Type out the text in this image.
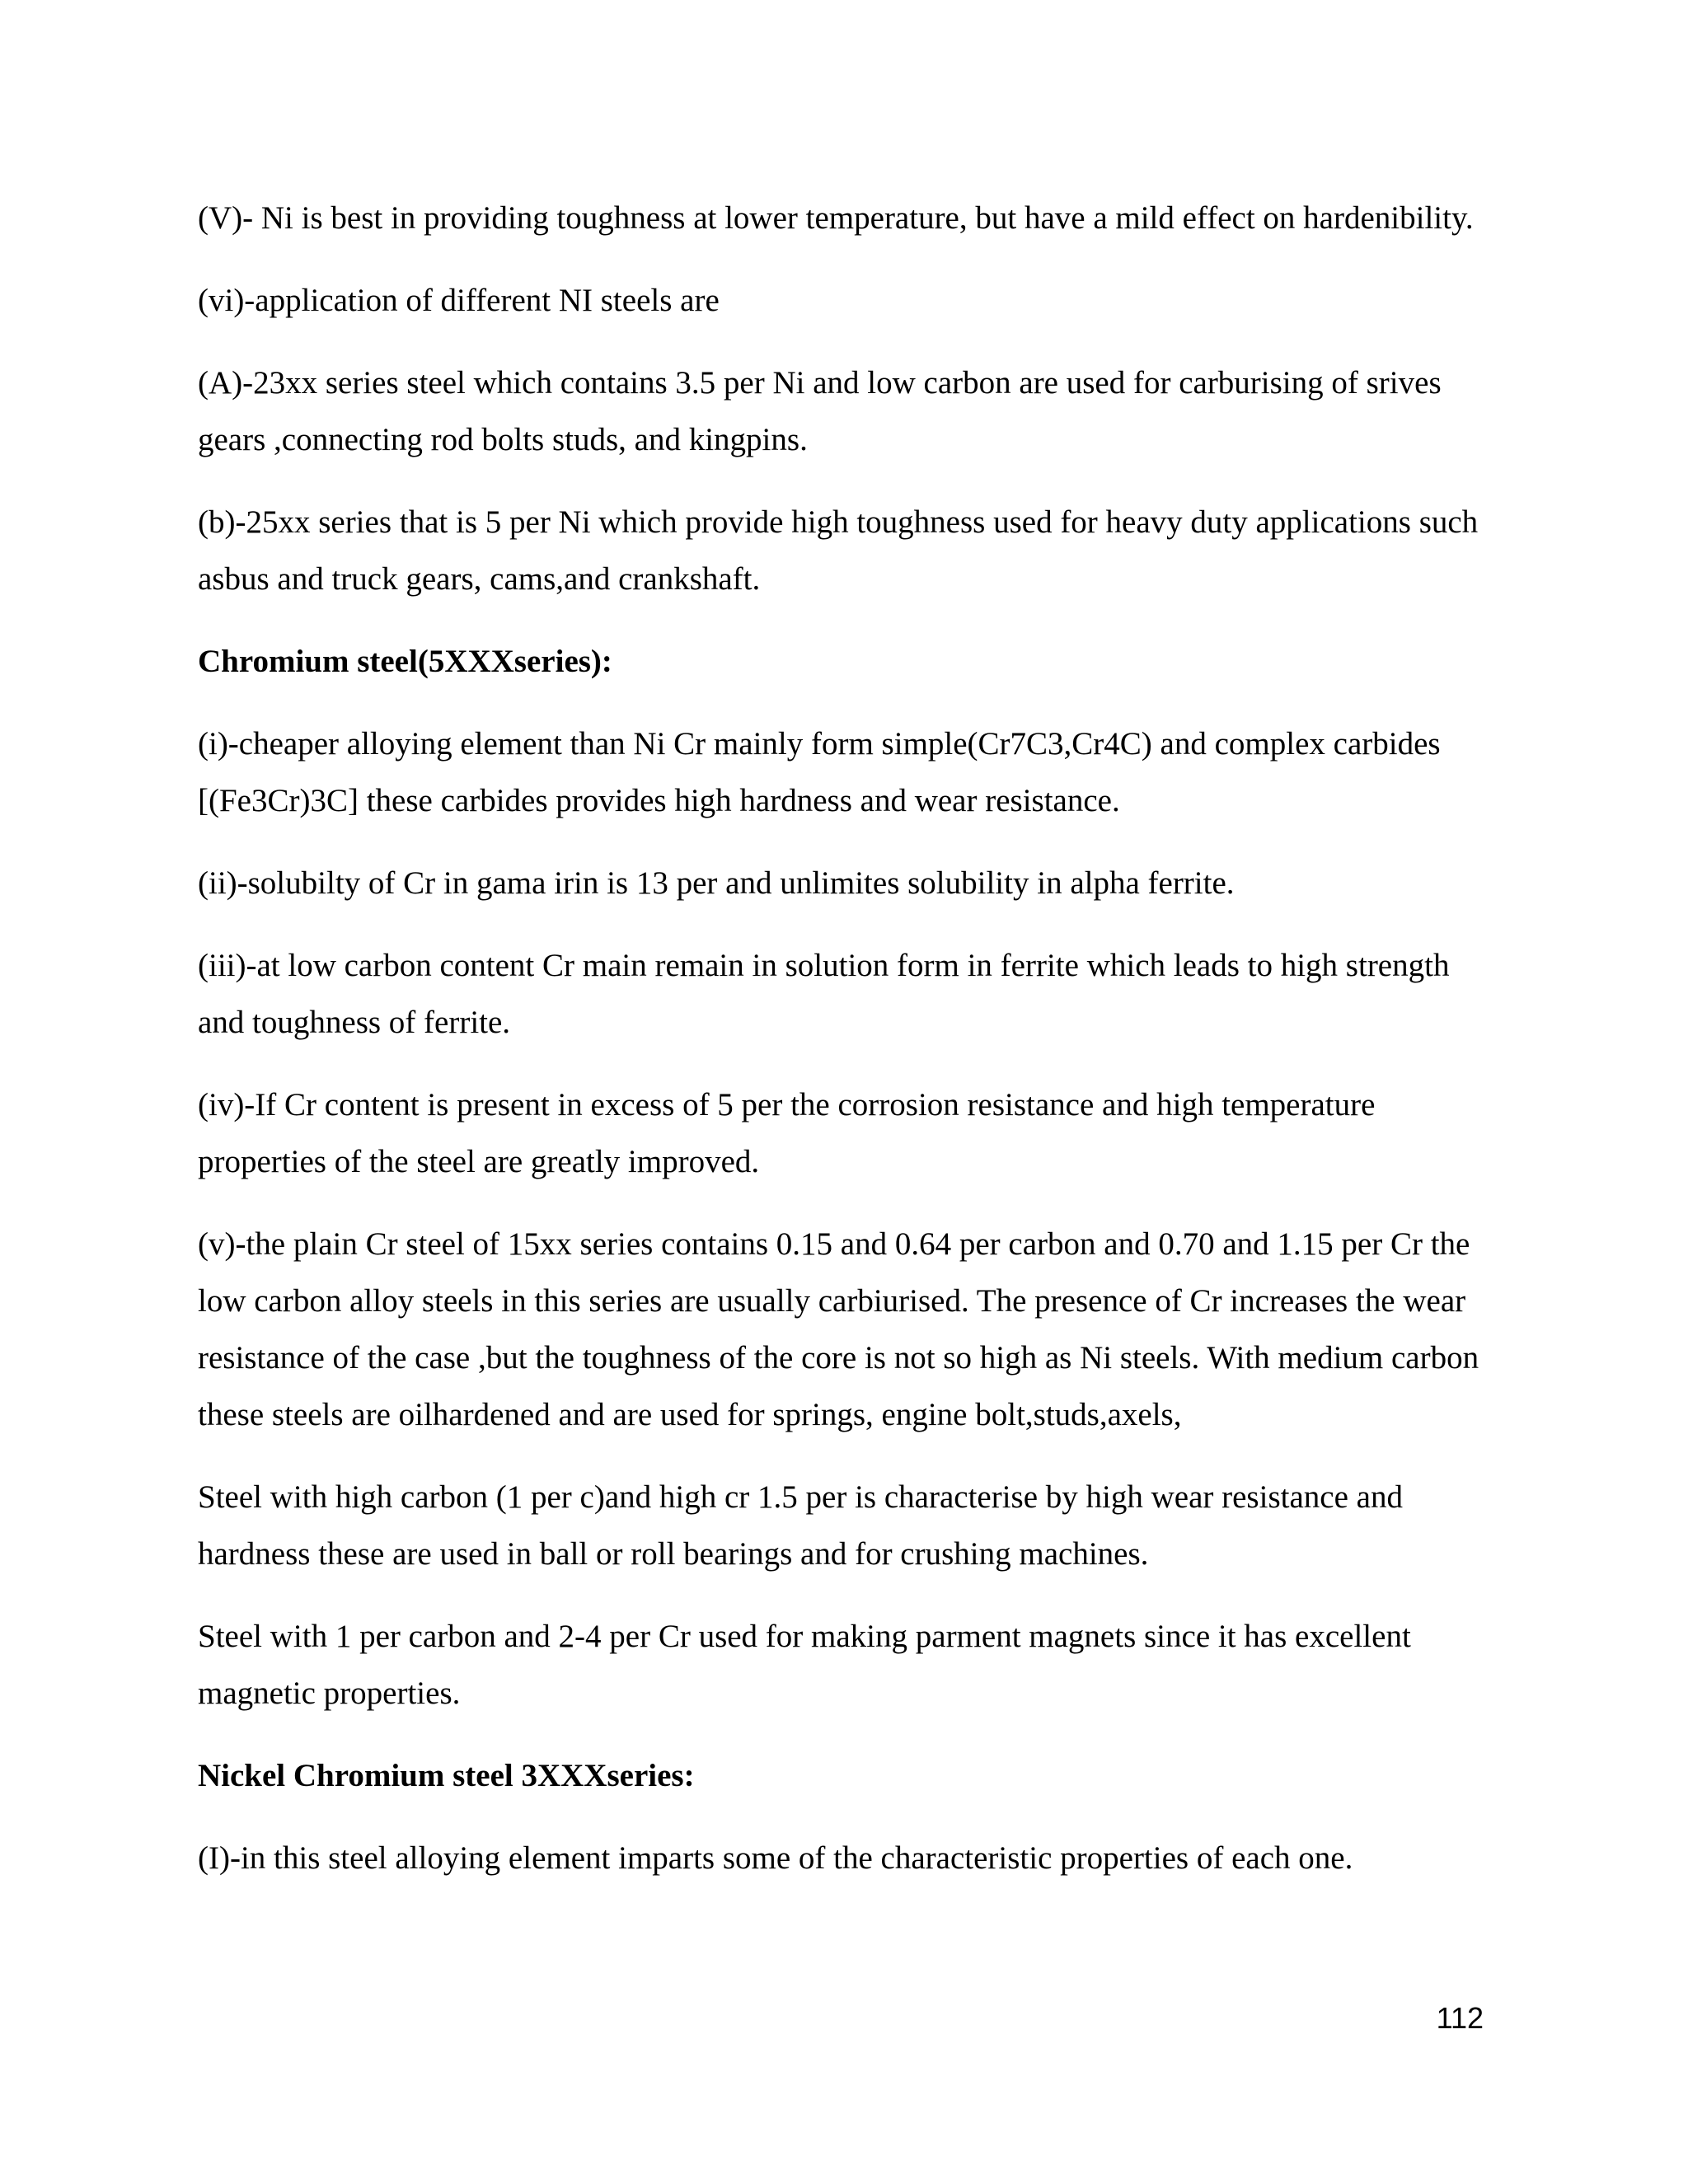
(V)- Ni is best in providing toughness at lower temperature, but have a mild effect on hardenibility.

(vi)-application of different NI steels are

(A)-23xx series steel which contains 3.5 per Ni and low carbon are used for carburising of srives gears ,connecting rod bolts studs, and kingpins.

(b)-25xx series that is 5 per Ni which provide high toughness used for heavy duty applications such asbus and truck gears, cams,and crankshaft.

Chromium steel(5XXXseries):

(i)-cheaper alloying element than Ni Cr mainly form simple(Cr7C3,Cr4C) and complex carbides [(Fe3Cr)3C] these carbides provides high hardness and wear resistance.

(ii)-solubilty of Cr in gama irin is 13 per and unlimites solubility in alpha ferrite.

(iii)-at low carbon content Cr main remain in solution form in ferrite which leads to high strength and toughness of ferrite.

(iv)-If Cr content is present in excess of 5 per the corrosion resistance and high temperature properties of the steel are greatly improved.

(v)-the plain Cr steel of 15xx series contains 0.15 and 0.64 per carbon and 0.70 and 1.15 per Cr the low carbon alloy steels in this series are usually carbiurised. The presence of Cr increases the wear resistance of the case ,but the toughness of the core is not so high as Ni steels. With medium carbon these steels are oilhardened and are used for springs, engine bolt,studs,axels,

Steel with high carbon (1 per c)and high cr 1.5 per is characterise by high wear resistance and hardness these are used in ball or roll bearings and for crushing machines.

Steel with 1 per carbon and 2-4 per Cr used for making parment magnets since it has excellent magnetic properties.

Nickel Chromium steel 3XXXseries:

(I)-in this steel alloying element imparts some of the characteristic properties of each one.

112
